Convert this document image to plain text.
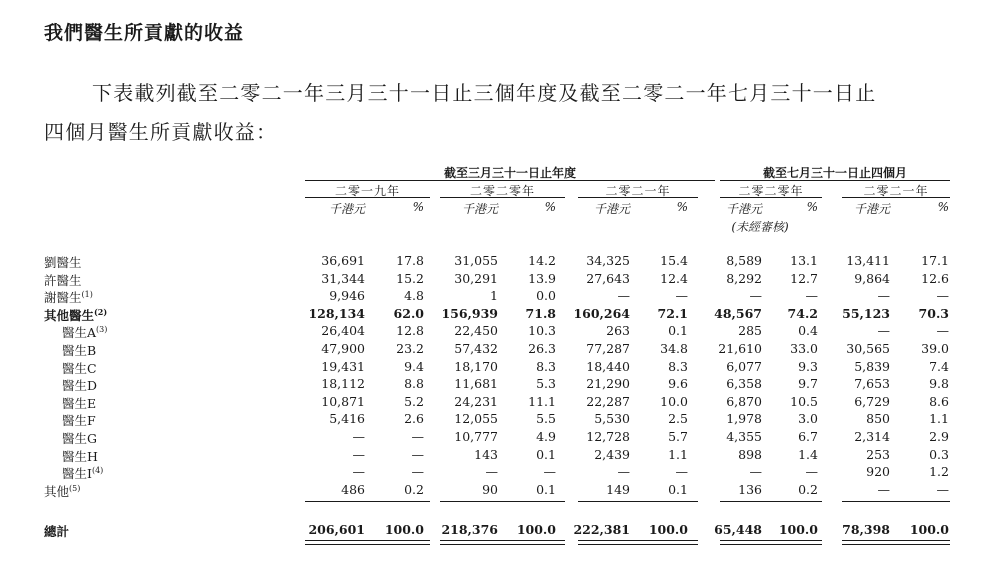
我們醫生所貢獻的收益
下表載列截至二零二一年三月三十一日止三個年度及截至二零二一年七月三十一日止
四個月醫生所貢獻收益：
截至三月三十一日止年度	截至七月三十一日止四個月
二零一九年	二零二零年	二零二一年	二零二零年	二零二一年
千港元	%	千港元	%	千港元	%	千港元	%	千港元	%
(未經審核)
劉醫生	36,691	17.8	31,055	14.2	34,325	15.4	8,589	13.1	13,411	17.1
許醫生	31,344	15.2	30,291	13.9	27,643	12.4	8,292	12.7	9,864	12.6
謝醫生$^{(1)}$	9,946	4.8	1	0.0	—	—	—	—	—	—
其他醫生$^{(2)}$	128,134	62.0	156,939	71.8	160,264	72.1	48,567	74.2	55,123	70.3
醫生$A^{(3)}$	26,404	12.8	22,450	10.3	263	0.1	285	0.4	—	—
醫生B	47,900	23.2	57,432	26.3	77,287	34.8	21,610	33.0	30,565	39.0
醫生C	19,431	9.4	18,170	8.3	18,440	8.3	6,077	9.3	5,839	7.4
醫生D	18,112	8.8	11,681	5.3	21,290	9.6	6,358	9.7	7,653	9.8
醫生E	10,871	5.2	24,231	11.1	22,287	10.0	6,870	10.5	6,729	8.6
醫生F	5,416	2.6	12,055	5.5	5,530	2.5	1,978	3.0	850	1.1
醫生G	—	—	10,777	4.9	12,728	5.7	4,355	6.7	2,314	2.9
醫生H	—	—	143	0.1	2,439	1.1	898	1.4	253	0.3
醫生$I^{(4)}$	—	—	—	—	—	—	—	—	920	1.2
其他$^{(5)}$	486	0.2	90	0.1	149	0.1	136	0.2	—	—
總計	206,601	100.0	218,376	100.0	222,381	100.0	65,448	100.0	78,398	100.0
